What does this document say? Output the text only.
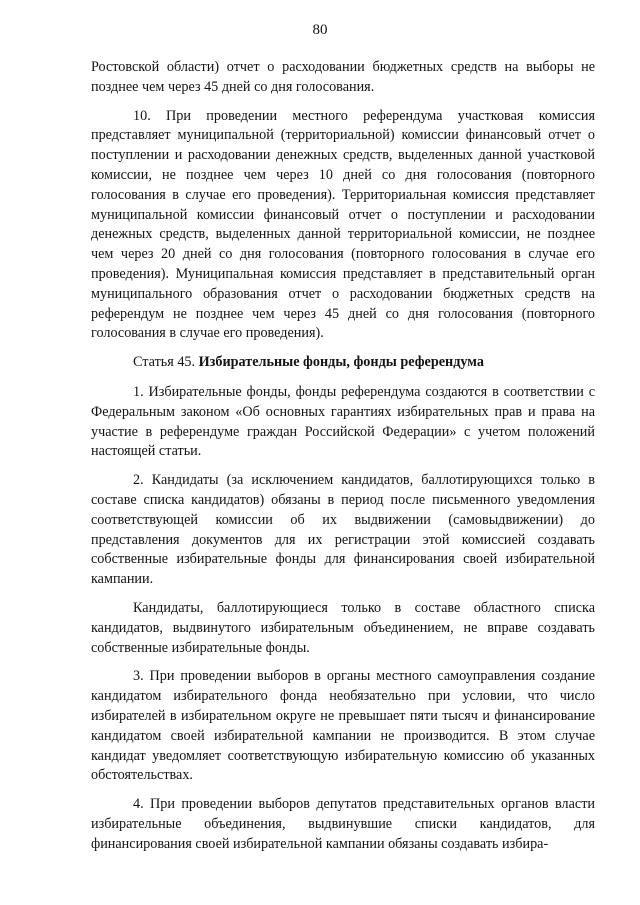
80

Ростовской области) отчет о расходовании бюджетных средств на выборы не позднее чем через 45 дней со дня голосования.

10. При проведении местного референдума участковая комиссия представляет муниципальной (территориальной) комиссии финансовый отчет о поступлении и расходовании денежных средств, выделенных данной участковой комиссии, не позднее чем через 10 дней со дня голосования (повторного голосования в случае его проведения). Территориальная комиссия представляет муниципальной комиссии финансовый отчет о поступлении и расходовании денежных средств, выделенных данной территориальной комиссии, не позднее чем через 20 дней со дня голосования (повторного голосования в случае его проведения). Муниципальная комиссия представляет в представительный орган муниципального образования отчет о расходовании бюджетных средств на референдум не позднее чем через 45 дней со дня голосования (повторного голосования в случае его проведения).

Статья 45. Избирательные фонды, фонды референдума

1. Избирательные фонды, фонды референдума создаются в соответствии с Федеральным законом «Об основных гарантиях избирательных прав и права на участие в референдуме граждан Российской Федерации» с учетом положений настоящей статьи.

2. Кандидаты (за исключением кандидатов, баллотирующихся только в составе списка кандидатов) обязаны в период после письменного уведомления соответствующей комиссии об их выдвижении (самовыдвижении) до представления документов для их регистрации этой комиссией создавать собственные избирательные фонды для финансирования своей избирательной кампании.

Кандидаты, баллотирующиеся только в составе областного списка кандидатов, выдвинутого избирательным объединением, не вправе создавать собственные избирательные фонды.

3. При проведении выборов в органы местного самоуправления создание кандидатом избирательного фонда необязательно при условии, что число избирателей в избирательном округе не превышает пяти тысяч и финансирование кандидатом своей избирательной кампании не производится. В этом случае кандидат уведомляет соответствующую избирательную комиссию об указанных обстоятельствах.

4. При проведении выборов депутатов представительных органов власти избирательные объединения, выдвинувшие списки кандидатов, для финансирования своей избирательной кампании обязаны создавать избира-
